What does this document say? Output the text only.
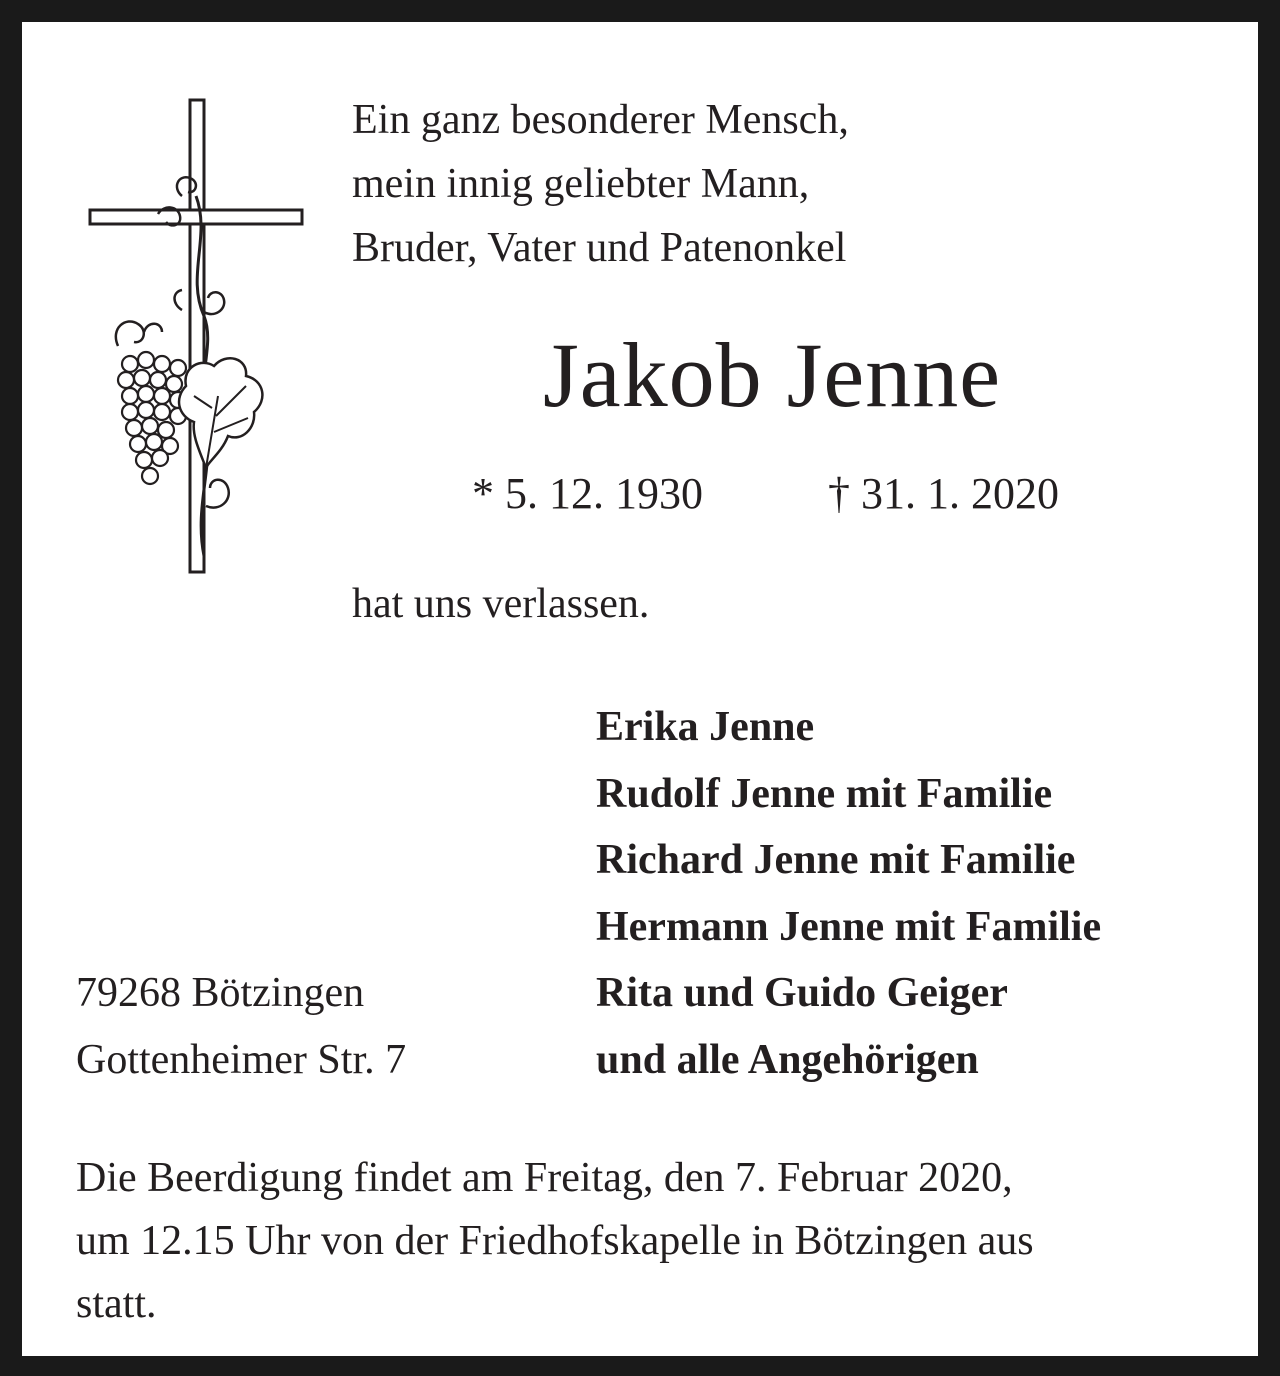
Ein ganz besonderer Mensch,
mein innig geliebter Mann,
Bruder, Vater und Patenonkel
Jakob Jenne
* 5. 12. 1930	† 31. 1. 2020
hat uns verlassen.
Erika Jenne
Rudolf Jenne mit Familie
Richard Jenne mit Familie
Hermann Jenne mit Familie
Rita und Guido Geiger
und alle Angehörigen
79268 Bötzingen
Gottenheimer Str. 7
Die Beerdigung findet am Freitag, den 7. Februar 2020,
um 12.15 Uhr von der Friedhofskapelle in Bötzingen aus
statt.
